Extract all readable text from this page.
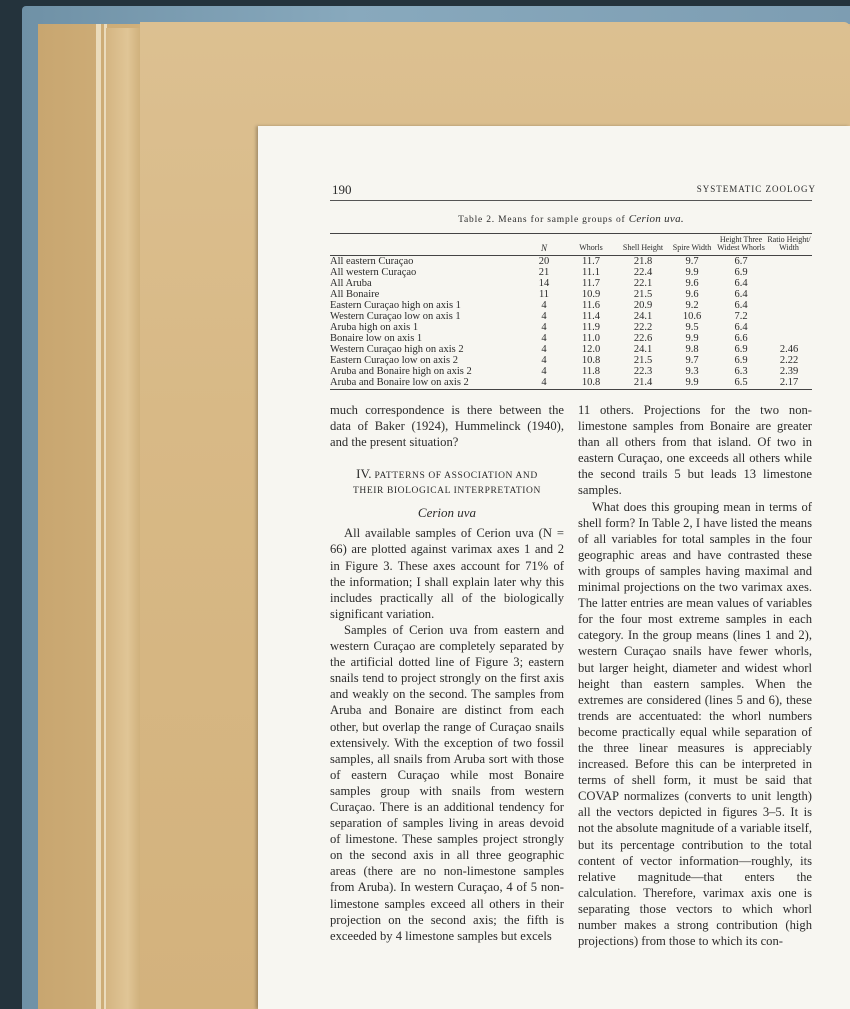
190	SYSTEMATIC ZOOLOGY
Table 2. Means for sample groups of Cerion uva.
	N	Whorls	Shell Height	Spire Width	Height Three Widest Whorls	Ratio Height/ Width
All eastern Curaçao	20	11.7	21.8	9.7	6.7	
All western Curaçao	21	11.1	22.4	9.9	6.9	
All Aruba	14	11.7	22.1	9.6	6.4	
All Bonaire	11	10.9	21.5	9.6	6.4	
Eastern Curaçao high on axis 1	4	11.6	20.9	9.2	6.4	
Western Curaçao low on axis 1	4	11.4	24.1	10.6	7.2	
Aruba high on axis 1	4	11.9	22.2	9.5	6.4	
Bonaire low on axis 1	4	11.0	22.6	9.9	6.6	
Western Curaçao high on axis 2	4	12.0	24.1	9.8	6.9	2.46
Eastern Curaçao low on axis 2	4	10.8	21.5	9.7	6.9	2.22
Aruba and Bonaire high on axis 2	4	11.8	22.3	9.3	6.3	2.39
Aruba and Bonaire low on axis 2	4	10.8	21.4	9.9	6.5	2.17

much correspondence is there between the data of Baker (1924), Hummelinck (1940), and the present situation?

IV. PATTERNS OF ASSOCIATION AND
THEIR BIOLOGICAL INTERPRETATION
Cerion uva

All available samples of Cerion uva (N = 66) are plotted against varimax axes 1 and 2 in Figure 3. These axes account for 71% of the information; I shall explain later why this includes practically all of the biologically significant variation.

Samples of Cerion uva from eastern and western Curaçao are completely separated by the artificial dotted line of Figure 3; eastern snails tend to project strongly on the first axis and weakly on the second. The samples from Aruba and Bonaire are distinct from each other, but overlap the range of Curaçao snails extensively. With the exception of two fossil samples, all snails from Aruba sort with those of eastern Curaçao while most Bonaire samples group with snails from western Curaçao. There is an additional tendency for separation of samples living in areas devoid of limestone. These samples project strongly on the second axis in all three geographic areas (there are no non-limestone samples from Aruba). In western Curaçao, 4 of 5 non-limestone samples exceed all others in their projection on the second axis; the fifth is exceeded by 4 limestone samples but excels

11 others. Projections for the two non-limestone samples from Bonaire are greater than all others from that island. Of two in eastern Curaçao, one exceeds all others while the second trails 5 but leads 13 limestone samples.

What does this grouping mean in terms of shell form? In Table 2, I have listed the means of all variables for total samples in the four geographic areas and have contrasted these with groups of samples having maximal and minimal projections on the two varimax axes. The latter entries are mean values of variables for the four most extreme samples in each category. In the group means (lines 1 and 2), western Curaçao snails have fewer whorls, but larger height, diameter and widest whorl height than eastern samples. When the extremes are considered (lines 5 and 6), these trends are accentuated: the whorl numbers become practically equal while separation of the three linear measures is appreciably increased. Before this can be interpreted in terms of shell form, it must be said that COVAP normalizes (converts to unit length) all the vectors depicted in figures 3–5. It is not the absolute magnitude of a variable itself, but its percentage contribution to the total content of vector information—roughly, its relative magnitude—that enters the calculation. Therefore, varimax axis one is separating those vectors to which whorl number makes a strong contribution (high projections) from those to which its con-
